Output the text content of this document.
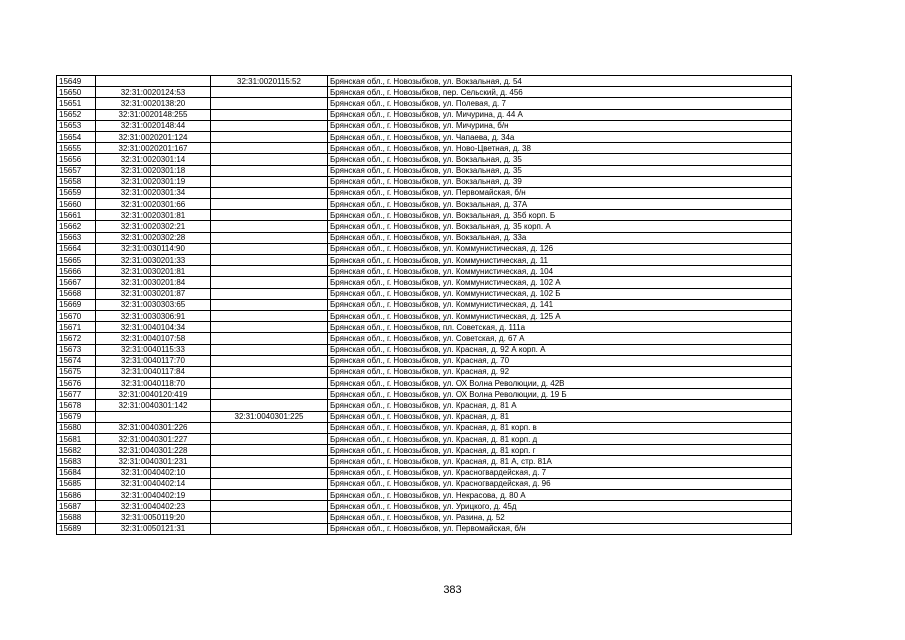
15649		32:31:0020115:52	Брянская обл., г. Новозыбков, ул. Вокзальная, д. 54
15650	32:31:0020124:53		Брянская обл., г. Новозыбков, пер. Сельский, д. 456
15651	32:31:0020138:20		Брянская обл., г. Новозыбков, ул. Полевая, д. 7
15652	32:31:0020148:255		Брянская обл., г. Новозыбков, ул. Мичурина, д. 44 А
15653	32:31:0020148:44		Брянская обл., г. Новозыбков, ул. Мичурина, б/н
15654	32:31:0020201:124		Брянская обл., г. Новозыбков, ул. Чапаева, д. 34а
15655	32:31:0020201:167		Брянская обл., г. Новозыбков, ул. Ново-Цветная, д. 38
15656	32:31:0020301:14		Брянская обл., г. Новозыбков, ул. Вокзальная, д. 35
15657	32:31:0020301:18		Брянская обл., г. Новозыбков, ул. Вокзальная, д. 35
15658	32:31:0020301:19		Брянская обл., г. Новозыбков, ул. Вокзальная, д. 39
15659	32:31:0020301:34		Брянская обл., г. Новозыбков, ул. Первомайская, б/н
15660	32:31:0020301:66		Брянская обл., г. Новозыбков, ул. Вокзальная, д. 37А
15661	32:31:0020301:81		Брянская обл., г. Новозыбков, ул. Вокзальная, д. 35б корп. Б
15662	32:31:0020302:21		Брянская обл., г. Новозыбков, ул. Вокзальная, д. 35 корп. А
15663	32:31:0020302:28		Брянская обл., г. Новозыбков, ул. Вокзальная, д. 33а
15664	32:31:0030114:90		Брянская обл., г. Новозыбков, ул. Коммунистическая, д. 126
15665	32:31:0030201:33		Брянская обл., г. Новозыбков, ул. Коммунистическая, д. 11
15666	32:31:0030201:81		Брянская обл., г. Новозыбков, ул. Коммунистическая, д. 104
15667	32:31:0030201:84		Брянская обл., г. Новозыбков, ул. Коммунистическая, д. 102 А
15668	32:31:0030201:87		Брянская обл., г. Новозыбков, ул. Коммунистическая, д. 102 Б
15669	32:31:0030303:65		Брянская обл., г. Новозыбков, ул. Коммунистическая, д. 141
15670	32:31:0030306:91		Брянская обл., г. Новозыбков, ул. Коммунистическая, д. 125 А
15671	32:31:0040104:34		Брянская обл., г. Новозыбков, пл. Советская, д. 111а
15672	32:31:0040107:58		Брянская обл., г. Новозыбков, ул. Советская, д. 67 А
15673	32:31:0040115:33		Брянская обл., г. Новозыбков, ул. Красная, д. 92 А корп. А
15674	32:31:0040117:70		Брянская обл., г. Новозыбков, ул. Красная, д. 70
15675	32:31:0040117:84		Брянская обл., г. Новозыбков, ул. Красная, д. 92
15676	32:31:0040118:70		Брянская обл., г. Новозыбков, ул. ОХ Волна Революции, д. 42В
15677	32:31:0040120:419		Брянская обл., г. Новозыбков, ул. ОХ Волна Революции, д. 19 Б
15678	32:31:0040301:142		Брянская обл., г. Новозыбков, ул. Красная, д. 81 А
15679		32:31:0040301:225	Брянская обл., г. Новозыбков, ул. Красная, д. 81
15680	32:31:0040301:226		Брянская обл., г. Новозыбков, ул. Красная, д. 81 корп. в
15681	32:31:0040301:227		Брянская обл., г. Новозыбков, ул. Красная, д. 81 корп. д
15682	32:31:0040301:228		Брянская обл., г. Новозыбков, ул. Красная, д. 81 корп. г
15683	32:31:0040301:231		Брянская обл., г. Новозыбков, ул. Красная, д. 81 А, стр. 81А
15684	32:31:0040402:10		Брянская обл., г. Новозыбков, ул. Красногвардейская, д. 7
15685	32:31:0040402:14		Брянская обл., г. Новозыбков, ул. Красногвардейская, д. 96
15686	32:31:0040402:19		Брянская обл., г. Новозыбков, ул. Некрасова, д. 80 А
15687	32:31:0040402:23		Брянская обл., г. Новозыбков, ул. Урицкого, д. 45д
15688	32:31:0050119:20		Брянская обл., г. Новозыбков, ул. Разина, д. 52
15689	32:31:0050121:31		Брянская обл., г. Новозыбков, ул. Первомайская, б/н
383
